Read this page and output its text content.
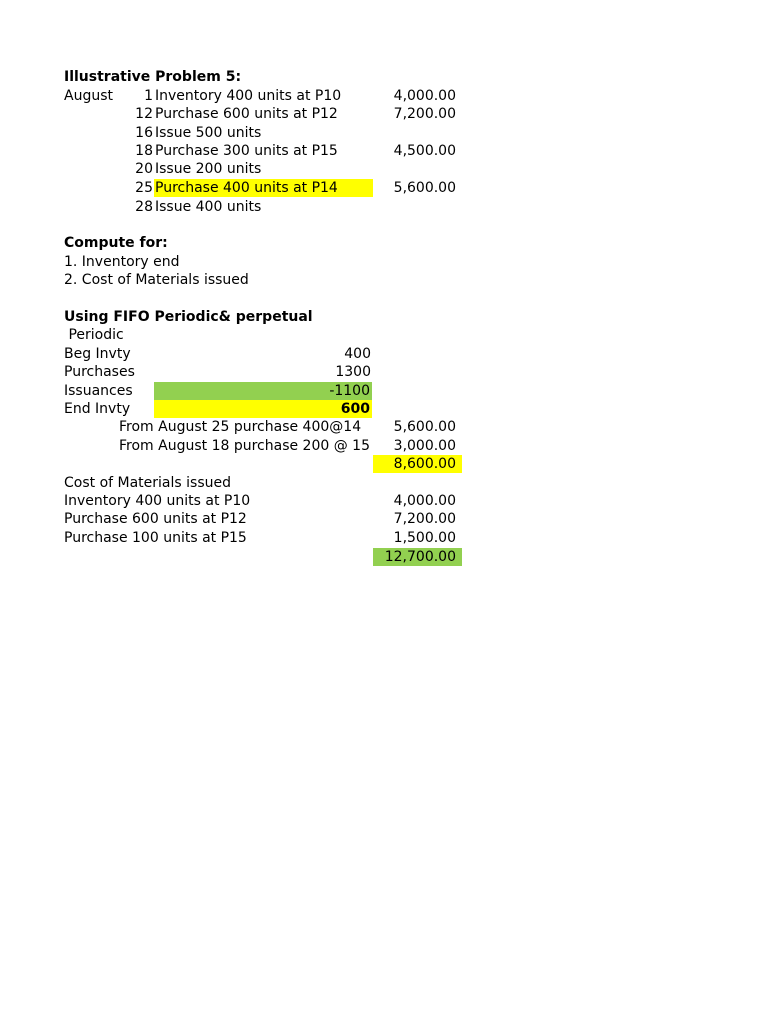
Illustrative Problem 5:
August	1 Inventory 400 units at P10	4,000.00
12 Purchase 600 units at P12	7,200.00
16 Issue 500 units
18 Purchase 300 units at P15	4,500.00
20 Issue 200 units
25 Purchase 400 units at P14	5,600.00
28 Issue 400 units
Compute for:
1. Inventory end
2. Cost of Materials issued
Using FIFO Periodic& perpetual
Periodic
Beg Invty	400
Purchases	1300
Issuances	-1100
End Invty	600
From August 25 purchase 400@14	5,600.00
From August 18 purchase 200 @ 15	3,000.00
8,600.00
Cost of Materials issued
Inventory 400 units at P10	4,000.00
Purchase 600 units at P12	7,200.00
Purchase 100 units at P15	1,500.00
12,700.00
